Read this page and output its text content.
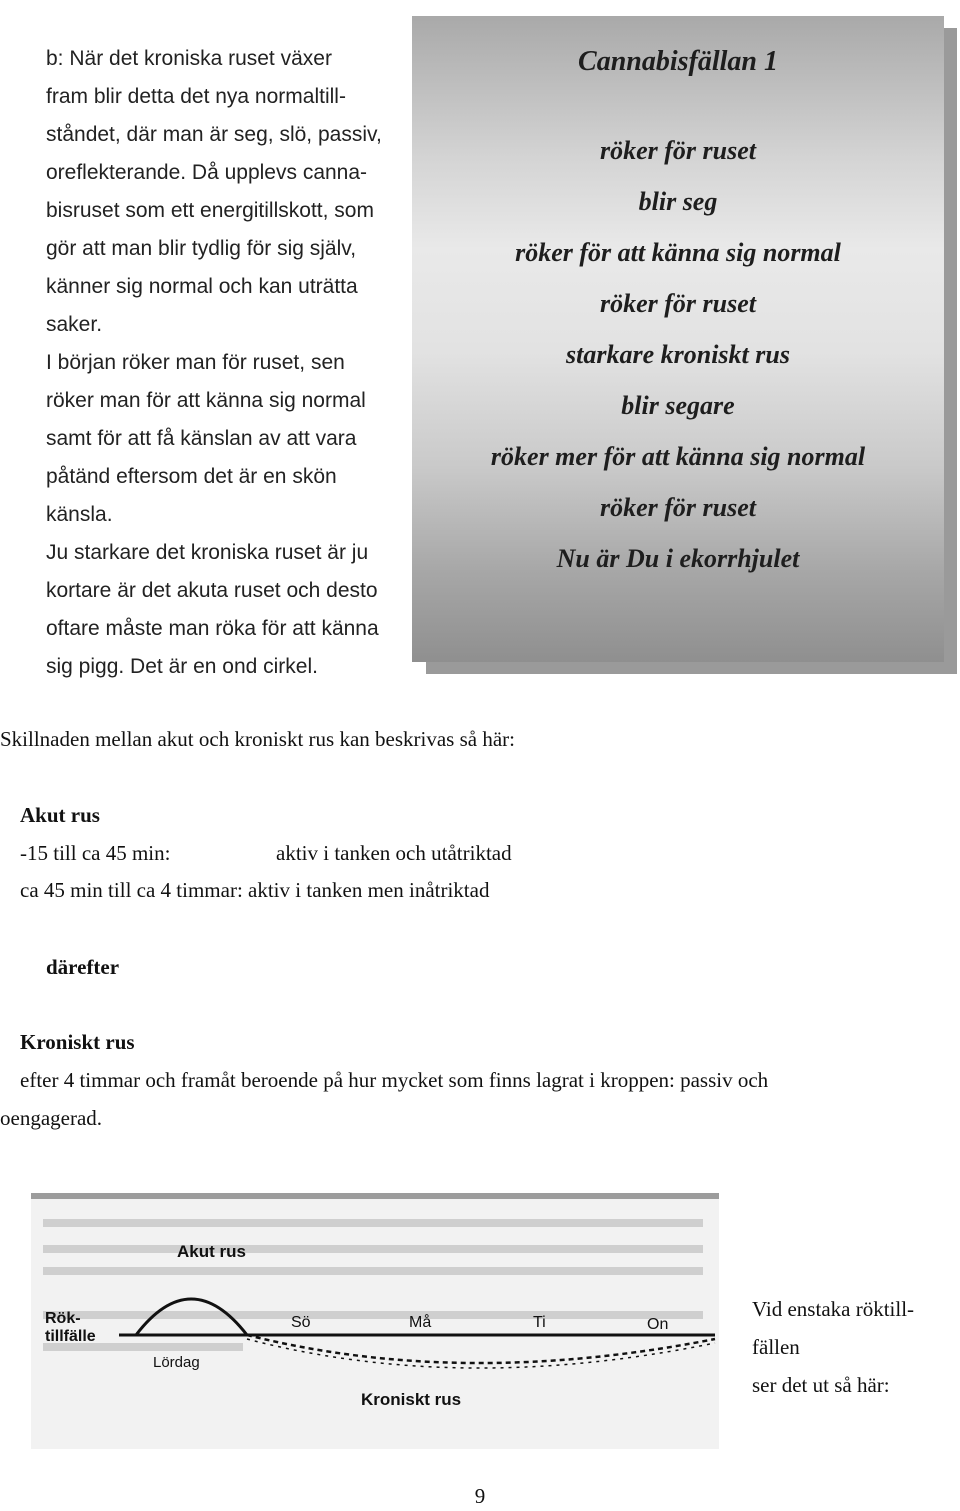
b: När det kroniska ruset växer

fram blir detta det nya normaltill-

ståndet, där man är seg, slö, passiv,

oreflekterande. Då upplevs canna-

bisruset som ett energitillskott, som

gör att man blir tydlig för sig själv,

känner sig normal och kan uträtta

saker.

I början röker man för ruset, sen

röker man för att känna sig normal

samt för att få känslan av att vara

påtänd eftersom det är en skön

känsla.

Ju starkare det kroniska ruset är ju

kortare är det akuta ruset och desto

oftare måste man röka för att känna

sig pigg. Det är en ond cirkel.

Cannabisfällan 1
röker för ruset
blir seg
röker för att känna sig normal
röker för ruset
starkare kroniskt rus
blir segare
röker mer för att känna sig normal
röker för ruset
Nu är Du i ekorrhjulet
Skillnaden mellan akut och kroniskt rus kan beskrivas så här:
Akut rus
-15 till ca 45 min:	aktiv i tanken och utåtriktad
ca 45 min till ca 4 timmar: aktiv i tanken men inåtriktad
därefter
Kroniskt rus
efter 4 timmar och framåt beroende på hur mycket som finns lagrat i kroppen: passiv och
oengagerad.
Akut rus
Rök-
tillfälle
Lördag
Sö	Må	Ti	On
Kroniskt rus
Vid enstaka röktill-
fällen
ser det ut så här:
9
